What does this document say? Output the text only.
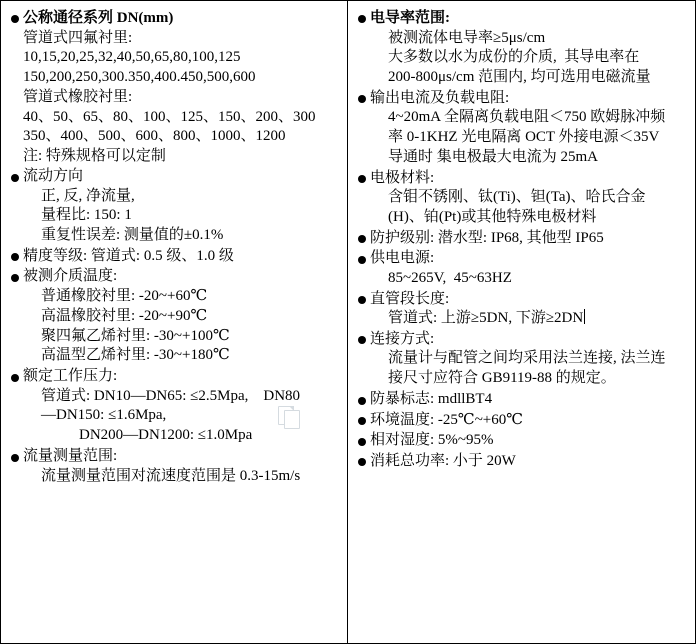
公称通径系列 DN(mm)
管道式四氟衬里:
10,15,20,25,32,40,50,65,80,100,125
150,200,250,300.350,400.450,500,600
管道式橡胶衬里:
40、50、65、80、100、125、150、200、300
350、400、500、600、800、1000、1200
注: 特殊规格可以定制
流动方向
正, 反, 净流量,
量程比: 150: 1
重复性误差: 测量值的±0.1%
精度等级: 管道式: 0.5 级、1.0 级
被测介质温度:
普通橡胶衬里: -20~+60℃
高温橡胶衬里: -20~+90℃
聚四氟乙烯衬里: -30~+100℃
高温型乙烯衬里: -30~+180℃
额定工作压力:
管道式: DN10—DN65: ≤2.5Mpa,    DN80
—DN150: ≤1.6Mpa,
DN200—DN1200: ≤1.0Mpa
流量测量范围:
流量测量范围对流速度范围是 0.3-15m/s
电导率范围:
被测流体电导率≥5μs/cm
大多数以水为成份的介质,  其导电率在
200-800μs/cm 范围内, 均可选用电磁流量
输出电流及负载电阻:
4~20mA 全隔离负载电阻＜750 欧姆脉冲频
率 0-1KHZ 光电隔离 OCT 外接电源＜35V
导通时 集电极最大电流为 25mA
电极材料:
含钼不锈刚、钛(Ti)、钽(Ta)、哈氏合金
(H)、铂(Pt)或其他特殊电极材料
防护级别: 潜水型: IP68, 其他型 IP65
供电电源:
85~265V,  45~63HZ
直管段长度:
管道式: 上游≥5DN, 下游≥2DN
连接方式:
流量计与配管之间均采用法兰连接, 法兰连
接尺寸应符合 GB9119-88 的规定。
防暴标志: mdllBT4
环境温度: -25℃~+60℃
相对湿度: 5%~95%
消耗总功率: 小于 20W
